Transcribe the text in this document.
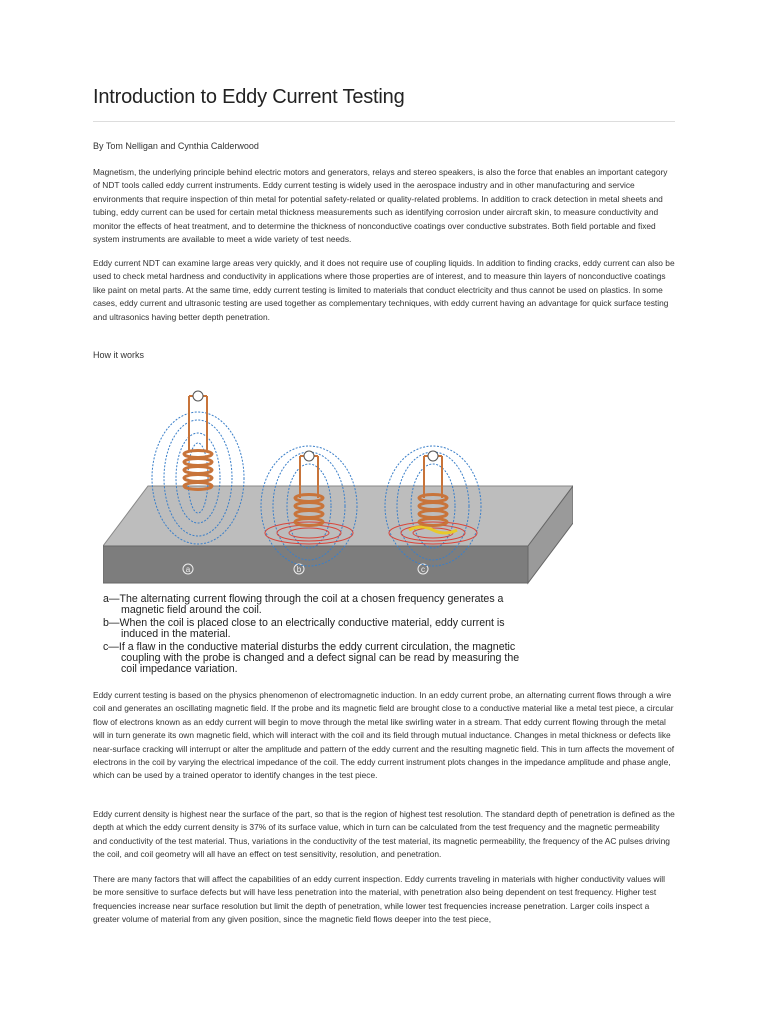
Introduction to Eddy Current Testing
By Tom Nelligan and Cynthia Calderwood

Magnetism, the underlying principle behind electric motors and generators, relays and stereo speakers, is also the force that enables an important category of NDT tools called eddy current instruments. Eddy current testing is widely used in the aerospace industry and in other manufacturing and service environments that require inspection of thin metal for potential safety-related or quality-related problems. In addition to crack detection in metal sheets and tubing, eddy current can be used for certain metal thickness measurements such as identifying corrosion under aircraft skin, to measure conductivity and monitor the effects of heat treatment, and to determine the thickness of nonconductive coatings over conductive substrates. Both field portable and fixed system instruments are available to meet a wide variety of test needs.

Eddy current NDT can examine large areas very quickly, and it does not require use of coupling liquids. In addition to finding cracks, eddy current can also be used to check metal hardness and conductivity in applications where those properties are of interest, and to measure thin layers of nonconductive coatings like paint on metal parts. At the same time, eddy current testing is limited to materials that conduct electricity and thus cannot be used on plastics. In some cases, eddy current and ultrasonic testing are used together as complementary techniques, with eddy current having an advantage for quick surface testing and ultrasonics having better depth penetration.

How it works
a	b	c
a—The alternating current flowing through the coil at a chosen frequency generates a
magnetic field around the coil.
b—When the coil is placed close to an electrically conductive material, eddy current is
induced in the material.
c—If a flaw in the conductive material disturbs the eddy current circulation, the magnetic
coupling with the probe is changed and a defect signal can be read by measuring the
coil impedance variation.

Eddy current testing is based on the physics phenomenon of electromagnetic induction. In an eddy current probe, an alternating current flows through a wire coil and generates an oscillating magnetic field. If the probe and its magnetic field are brought close to a conductive material like a metal test piece, a circular flow of electrons known as an eddy current will begin to move through the metal like swirling water in a stream. That eddy current flowing through the metal will in turn generate its own magnetic field, which will interact with the coil and its field through mutual inductance. Changes in metal thickness or defects like near-surface cracking will interrupt or alter the amplitude and pattern of the eddy current and the resulting magnetic field. This in turn affects the movement of electrons in the coil by varying the electrical impedance of the coil. The eddy current instrument plots changes in the impedance amplitude and phase angle, which can be used by a trained operator to identify changes in the test piece.

Eddy current density is highest near the surface of the part, so that is the region of highest test resolution. The standard depth of penetration is defined as the depth at which the eddy current density is 37% of its surface value, which in turn can be calculated from the test frequency and the magnetic permeability and conductivity of the test material. Thus, variations in the conductivity of the test material, its magnetic permeability, the frequency of the AC pulses driving the coil, and coil geometry will all have an effect on test sensitivity, resolution, and penetration.

There are many factors that will affect the capabilities of an eddy current inspection. Eddy currents traveling in materials with higher conductivity values will be more sensitive to surface defects but will have less penetration into the material, with penetration also being dependent on test frequency. Higher test frequencies increase near surface resolution but limit the depth of penetration, while lower test frequencies increase penetration. Larger coils inspect a greater volume of material from any given position, since the magnetic field flows deeper into the test piece,
